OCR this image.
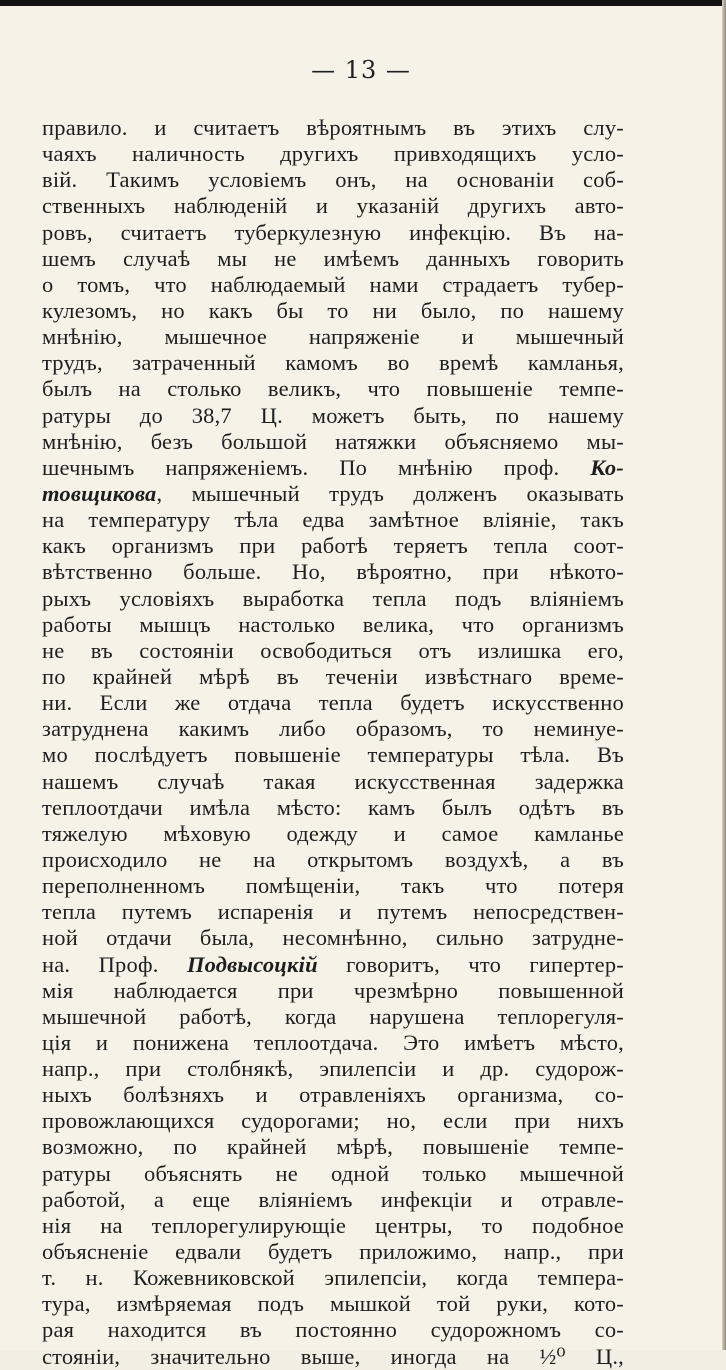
— 13 —
правило. и считаетъ вѣроятнымъ въ этихъ слу-
чаяхъ наличность другихъ привходящихъ усло-
вій. Такимъ условіемъ онъ, на основаніи соб-
ственныхъ наблюденій и указаній другихъ авто-
ровъ, считаетъ туберкулезную инфекцію. Въ на-
шемъ случаѣ мы не имѣемъ данныхъ говорить
о томъ, что наблюдаемый нами страдаетъ тубер-
кулезомъ, но какъ бы то ни было, по нашему
мнѣнію, мышечное напряженіе и мышечный
трудъ, затраченный камомъ во времѣ камланья,
былъ на столько великъ, что повышеніе темпе-
ратуры до 38,7 Ц. можетъ быть, по нашему
мнѣнію, безъ большой натяжки объясняемо мы-
шечнымъ напряженіемъ. По мнѣнію проф. Ко-
товщикова, мышечный трудъ долженъ оказывать
на температуру тѣла едва замѣтное вліяніе, такъ
какъ организмъ при работѣ теряетъ тепла соот-
вѣтственно больше. Но, вѣроятно, при нѣкото-
рыхъ условіяхъ выработка тепла подъ вліяніемъ
работы мышцъ настолько велика, что организмъ
не въ состояніи освободиться отъ излишка его,
по крайней мѣрѣ въ теченіи извѣстнаго време-
ни. Если же отдача тепла будетъ искусственно
затруднена какимъ либо образомъ, то неминуе-
мо послѣдуетъ повышеніе температуры тѣла. Въ
нашемъ случаѣ такая искусственная задержка
теплоотдачи имѣла мѣсто: камъ былъ одѣтъ въ
тяжелую мѣховую одежду и самое камланье
происходило не на открытомъ воздухѣ, а въ
переполненномъ помѣщеніи, такъ что потеря
тепла путемъ испаренія и путемъ непосредствен-
ной отдачи была, несомнѣнно, сильно затрудне-
на. Проф. Подвысоцкій говоритъ, что гипертер-
мія наблюдается при чрезмѣрно повышенной
мышечной работѣ, когда нарушена теплорегуля-
ція и понижена теплоотдача. Это имѣетъ мѣсто,
напр., при столбнякѣ, эпилепсіи и др. судорож-
ныхъ болѣзняхъ и отравленіяхъ организма, со-
провожлающихся судорогами; но, если при нихъ
возможно, по крайней мѣрѣ, повышеніе темпе-
ратуры объяснять не одной только мышечной
работой, а еще вліяніемъ инфекціи и отравле-
нія на теплорегулирующіе центры, то подобное
объясненіе едвали будетъ приложимо, напр., при
т. н. Кожевниковской эпилепсіи, когда темпера-
тура, измѣряемая подъ мышкой той руки, кото-
рая находится въ постоянно судорожномъ со-
стояніи, значительно выше, иногда на ½⁰ Ц.,
